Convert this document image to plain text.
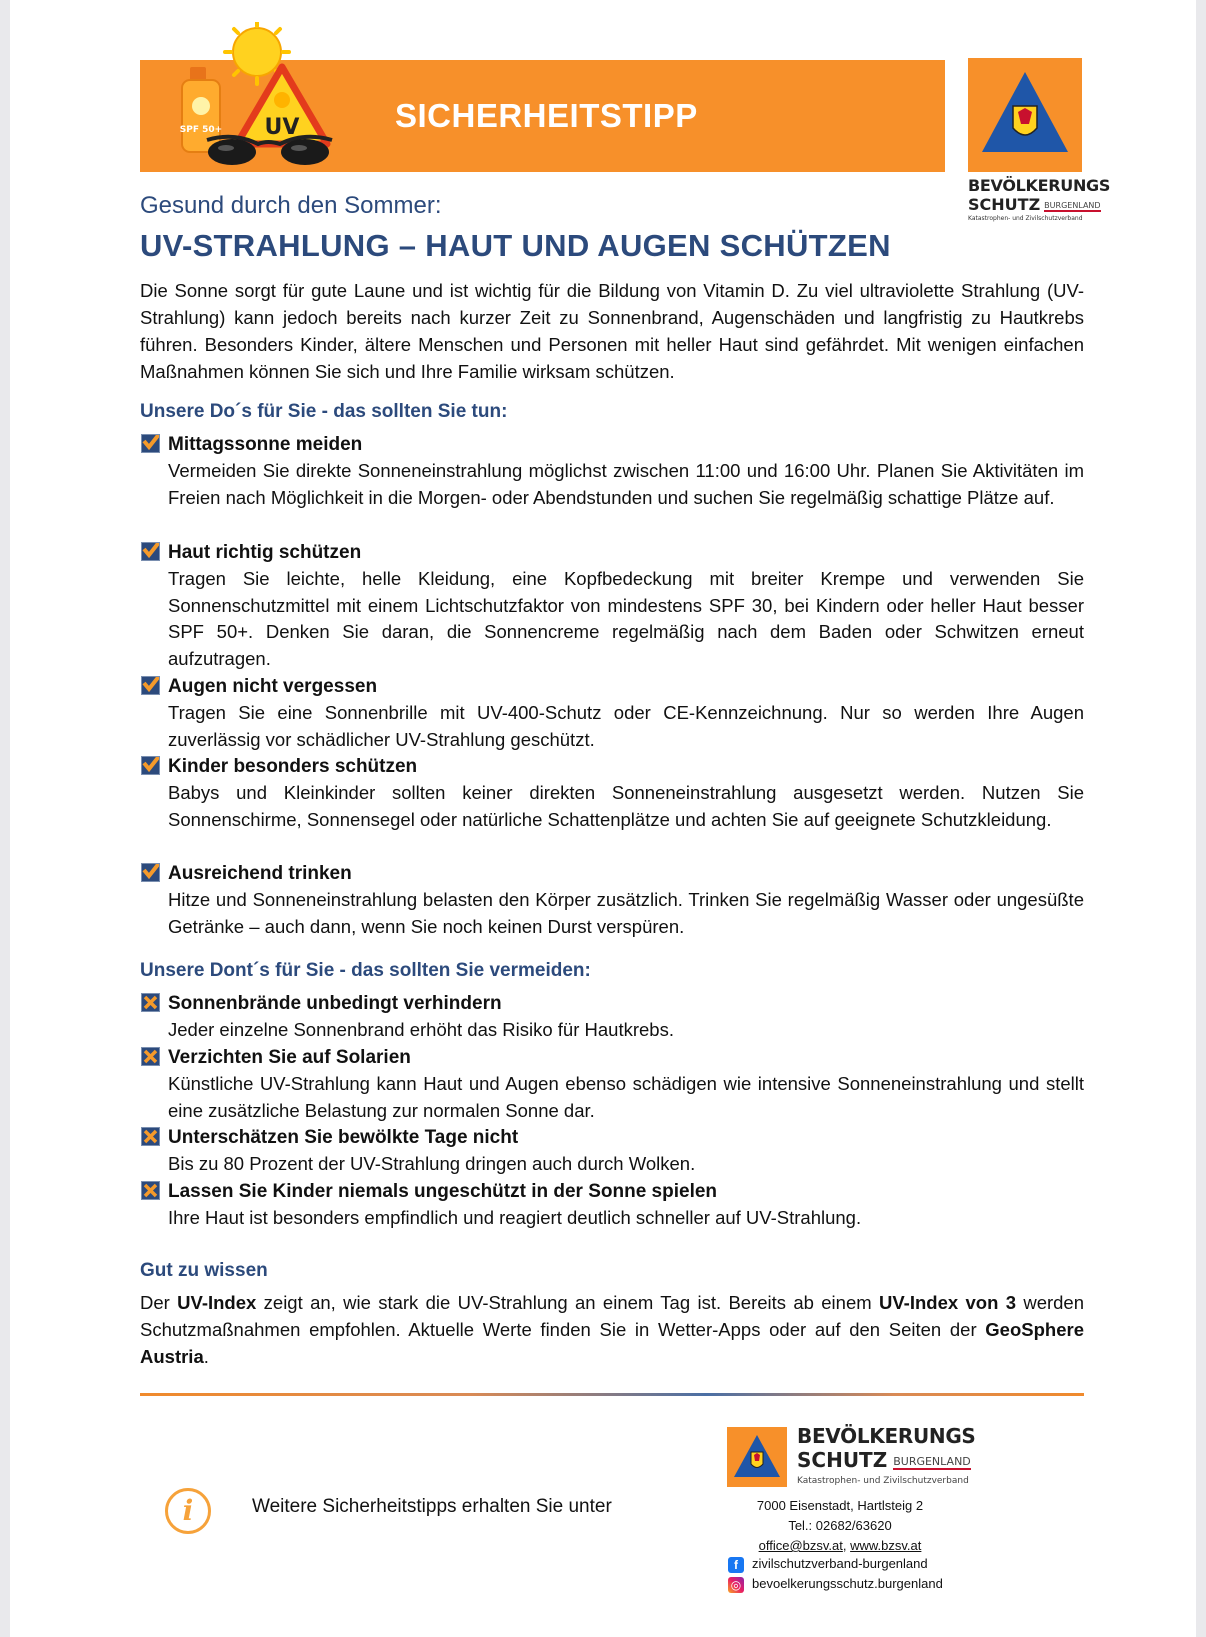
SPF 50+ UV	SICHERHEITSTIPP
BEVÖLKERUNGS
SCHUTZ BURGENLAND
Katastrophen- und Zivilschutzverband
Gesund durch den Sommer:
UV-STRAHLUNG – HAUT UND AUGEN SCHÜTZEN
Die Sonne sorgt für gute Laune und ist wichtig für die Bildung von Vitamin D. Zu viel ultraviolette Strahlung (UV-Strahlung) kann jedoch bereits nach kurzer Zeit zu Sonnenbrand, Augenschäden und langfristig zu Hautkrebs führen. Besonders Kinder, ältere Menschen und Personen mit heller Haut sind gefährdet. Mit wenigen einfachen Maßnahmen können Sie sich und Ihre Familie wirksam schützen.
Unsere Do´s für Sie - das sollten Sie tun:
Mittagssonne meiden
Vermeiden Sie direkte Sonneneinstrahlung möglichst zwischen 11:00 und 16:00 Uhr. Planen Sie Aktivitäten im Freien nach Möglichkeit in die Morgen- oder Abendstunden und suchen Sie regelmäßig schattige Plätze auf.
Haut richtig schützen
Tragen Sie leichte, helle Kleidung, eine Kopfbedeckung mit breiter Krempe und verwenden Sie Sonnenschutzmittel mit einem Lichtschutzfaktor von mindestens SPF 30, bei Kindern oder heller Haut besser SPF 50+. Denken Sie daran, die Sonnencreme regelmäßig nach dem Baden oder Schwitzen erneut aufzutragen.
Augen nicht vergessen
Tragen Sie eine Sonnenbrille mit UV-400-Schutz oder CE-Kennzeichnung. Nur so werden Ihre Augen zuverlässig vor schädlicher UV-Strahlung geschützt.
Kinder besonders schützen
Babys und Kleinkinder sollten keiner direkten Sonneneinstrahlung ausgesetzt werden. Nutzen Sie Sonnenschirme, Sonnensegel oder natürliche Schattenplätze und achten Sie auf geeignete Schutzkleidung.
Ausreichend trinken
Hitze und Sonneneinstrahlung belasten den Körper zusätzlich. Trinken Sie regelmäßig Wasser oder ungesüßte Getränke – auch dann, wenn Sie noch keinen Durst verspüren.
Unsere Dont´s für Sie - das sollten Sie vermeiden:
Sonnenbrände unbedingt verhindern
Jeder einzelne Sonnenbrand erhöht das Risiko für Hautkrebs.
Verzichten Sie auf Solarien
Künstliche UV-Strahlung kann Haut und Augen ebenso schädigen wie intensive Sonneneinstrahlung und stellt eine zusätzliche Belastung zur normalen Sonne dar.
Unterschätzen Sie bewölkte Tage nicht
Bis zu 80 Prozent der UV-Strahlung dringen auch durch Wolken.
Lassen Sie Kinder niemals ungeschützt in der Sonne spielen
Ihre Haut ist besonders empfindlich und reagiert deutlich schneller auf UV-Strahlung.
Gut zu wissen
Der UV-Index zeigt an, wie stark die UV-Strahlung an einem Tag ist. Bereits ab einem UV-Index von 3 werden Schutzmaßnahmen empfohlen. Aktuelle Werte finden Sie in Wetter-Apps oder auf den Seiten der GeoSphere Austria.
i	Weitere Sicherheitstipps erhalten Sie unter
BEVÖLKERUNGS
SCHUTZ BURGENLAND
Katastrophen- und Zivilschutzverband
7000 Eisenstadt, Hartlsteig 2
Tel.: 02682/63620
office@bzsv.at, www.bzsv.at
f zivilschutzverband-burgenland
◎ bevoelkerungsschutz.burgenland
